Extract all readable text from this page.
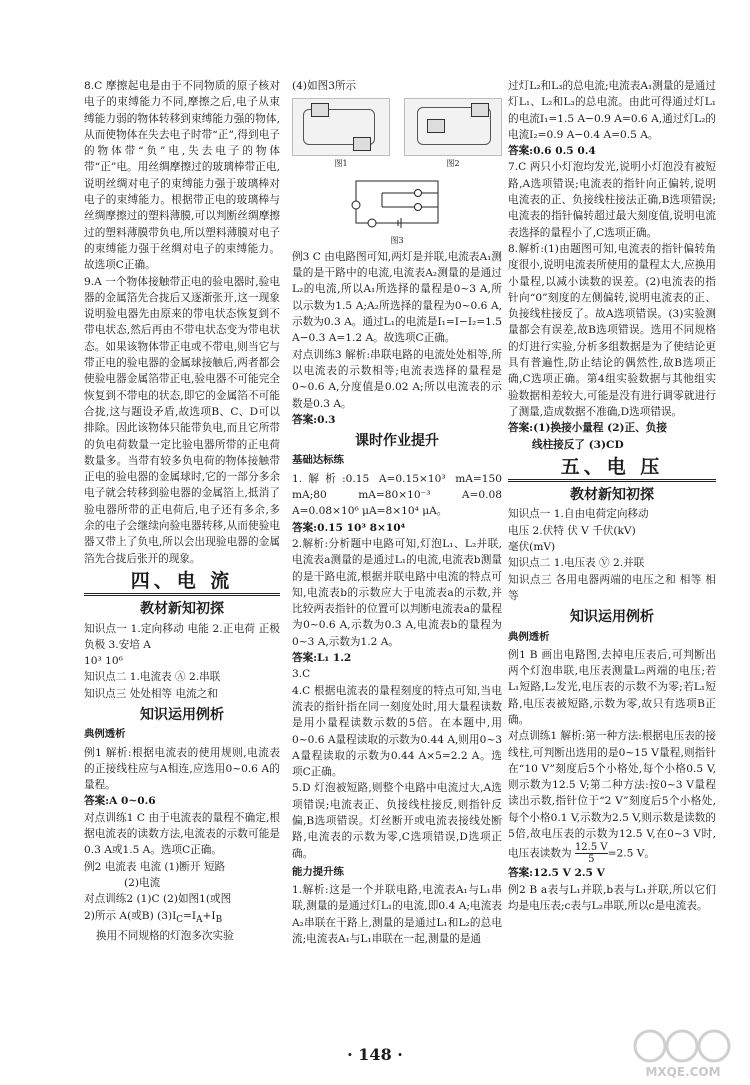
8.C 摩擦起电是由于不同物质的原子核对电子的束缚能力不同,摩擦之后,电子从束缚能力弱的物体转移到束缚能力强的物体,从而使物体在失去电子时带“正”,得到电子的物体带“负”电,失去电子的物体带“正”电。用丝绸摩擦过的玻璃棒带正电,说明丝绸对电子的束缚能力强于玻璃棒对电子的束缚能力。根据带正电的玻璃棒与丝绸摩擦过的塑料薄膜,可以判断丝绸摩擦过的塑料薄膜带负电,所以塑料薄膜对电子的束缚能力强于丝绸对电子的束缚能力。故选项C正确。

9.A 一个物体接触带正电的验电器时,验电器的金属箔先合拢后又逐渐张开,这一现象说明验电器先由原来的带电状态恢复到不带电状态,然后再由不带电状态变为带电状态。如果该物体带正电或不带电,则当它与带正电的验电器的金属球接触后,两者都会使验电器金属箔带正电,验电器不可能完全恢复到不带电的状态,即它的金属箔不可能合拢,这与题设矛盾,故选项B、C、D可以排除。因此该物体只能带负电,而且它所带的负电荷数量一定比验电器所带的正电荷数量多。当带有较多负电荷的物体接触带正电的验电器的金属球时,它的一部分多余电子就会转移到验电器的金属箔上,抵消了验电器所带的正电荷后,电子还有多余,多余的电子会继续向验电器转移,从而使验电器又带上了负电,所以会出现验电器的金属箔先合拢后张开的现象。

四、电 流
教材新知初探

知识点一 1.定向移动 电能 2.正电荷 正极 负极 3.安培 A

10³ 10⁶

知识点二 1.电流表 Ⓐ 2.串联

知识点三 处处相等 电流之和

知识运用例析
典例透析

例1 解析:根据电流表的使用规则,电流表的正接线柱应与A相连,应选用0~0.6 A的量程。

答案:A 0~0.6

对点训练1 C 由于电流表的量程不确定,根据电流表的读数方法,电流表的示数可能是0.3 A或1.5 A。选项C正确。

例2 电流表 电流 (1)断开 短路

(2)电流

对点训练2 (1)C (2)如图1(或图

2)所示 A(或B) $(3)I_C=I_A+I_B$

换用不同规格的灯泡多次实验

(4)如图3所示

图1	图2
图3

例3 C 由电路图可知,两灯是并联,电流表A₁测量的是干路中的电流,电流表A₂测量的是通过L₂的电流,所以A₁所选择的量程是0~3 A,所以示数为1.5 A;A₂所选择的量程为0~0.6 A,示数为0.3 A。通过L₁的电流是I₁=I−I₂=1.5 A−0.3 A=1.2 A。故选项C正确。

对点训练3 解析:串联电路的电流处处相等,所以电流表的示数相等;电流表选择的量程是0~0.6 A,分度值是0.02 A;所以电流表的示数是0.3 A。

答案:0.3

课时作业提升
基础达标练

1.解析:0.15 A=0.15×10³ mA=150 mA;80 mA=80×10⁻³ A=0.08 A=0.08×10⁶ μA=8×10⁴ μA。

答案:0.15 10³ 8×10⁴

2.解析:分析题中电路可知,灯泡L₁、L₂并联,电流表a测量的是通过L₁的电流,电流表b测量的是干路电流,根据并联电路中电流的特点可知,电流表b的示数应大于电流表a的示数,并比较两表指针的位置可以判断电流表a的量程为0~0.6 A,示数为0.3 A,电流表b的量程为0~3 A,示数为1.2 A。

答案:L₁ 1.2

3.C

4.C 根据电流表的量程刻度的特点可知,当电流表的指针指在同一刻度处时,用大量程读数是用小量程读数示数的5倍。在本题中,用0~0.6 A量程读取的示数为0.44 A,则用0~3 A量程读取的示数为0.44 A×5=2.2 A。选项C正确。

5.D 灯泡被短路,则整个电路中电流过大,A选项错误;电流表正、负接线柱接反,则指针反偏,B选项错误。灯丝断开或电流表接线处断路,电流表的示数为零,C选项错误,D选项正确。

能力提升练

1.解析:这是一个并联电路,电流表A₁与L₁串联,测量的是通过灯L₁的电流,即0.4 A;电流表A₂串联在干路上,测量的是通过L₁和L₂的总电流;电流表A₁与L₁串联在一起,测量的是通

过灯L₂和L₃的总电流;电流表A₁测量的是通过灯L₁、L₂和L₃的总电流。由此可得通过灯L₁的电流I₁=1.5 A−0.9 A=0.6 A,通过灯L₂的电流I₂=0.9 A−0.4 A=0.5 A。

答案:0.6 0.5 0.4

7.C 两只小灯泡均发光,说明小灯泡没有被短路,A选项错误;电流表的指针向正偏转,说明电流表的正、负接线柱接法正确,B选项错误;电流表的指针偏转超过最大刻度值,说明电流表选择的量程小了,C选项正确。

8.解析:(1)由题图可知,电流表的指针偏转角度很小,说明电流表所使用的量程太大,应换用小量程,以减小读数的误差。(2)电流表的指针向“0”刻度的左侧偏转,说明电流表的正、负接线柱接反了。故A选项错误。(3)实验测量都会有误差,故B选项错误。选用不同规格的灯进行实验,分析多组数据是为了使结论更具有普遍性,防止结论的偶然性,故B选项正确,C选项正确。第4组实验数据与其他组实验数据相差较大,可能是没有进行调零就进行了测量,造成数据不准确,D选项错误。

答案:(1)换接小量程 (2)正、负接

线柱接反了 (3)CD

五、电 压
教材新知初探

知识点一 1.自由电荷定向移动

电压 2.伏特 伏 V 千伏(kV)

毫伏(mV)

知识点二 1.电压表 Ⓥ 2.并联

知识点三 各用电器两端的电压之和 相等 相等

知识运用例析
典例透析

例1 B 画出电路图,去掉电压表后,可判断出两个灯泡串联,电压表测量L₂两端的电压;若L₁短路,L₂发光,电压表的示数不为零;若L₁短路,电压表被短路,示数为零,故只有选项B正确。

对点训练1 解析:第一种方法:根据电压表的接线柱,可判断出选用的是0~15 V量程,则指针在“10 V”刻度后5个小格处,每个小格0.5 V,则示数为12.5 V;第二种方法:按0~3 V量程读出示数,指针位于“2 V”刻度后5个小格处,每个小格0.1 V,示数为2.5 V,则示数是读数的5倍,故电压表的示数为12.5 V,在0~3 V时,电压表读数为 $\frac{12.5 V}{5} =2.5$ V。

答案:12.5 V 2.5 V

例2 B a表与L₁并联,b表与L₁并联,所以它们均是电压表;c表与L₂串联,所以c是电流表。

· 148 ·
MXQE.COM
